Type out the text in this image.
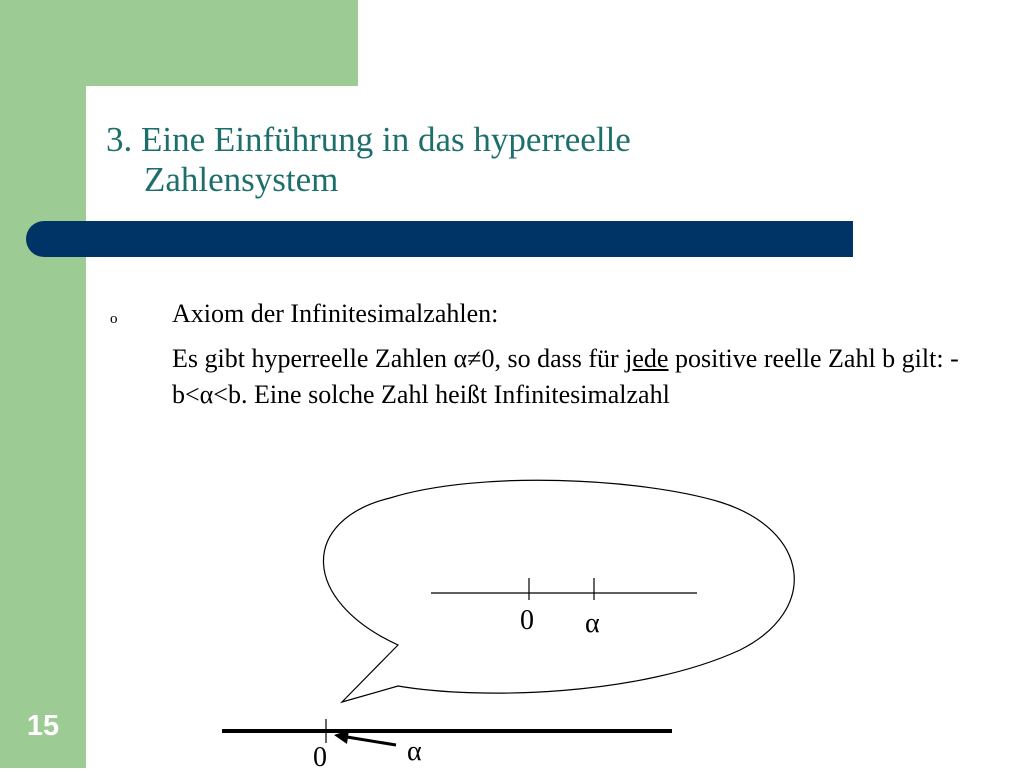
3. Eine Einführung in das hyperreelle
Zahlensystem
o Axiom der Infinitesimalzahlen:
Es gibt hyperreelle Zahlen α≠0, so dass für jede positive reelle Zahl b gilt: -b<α<b. Eine solche Zahl heißt Infinitesimalzahl
0 α
0	α
15
